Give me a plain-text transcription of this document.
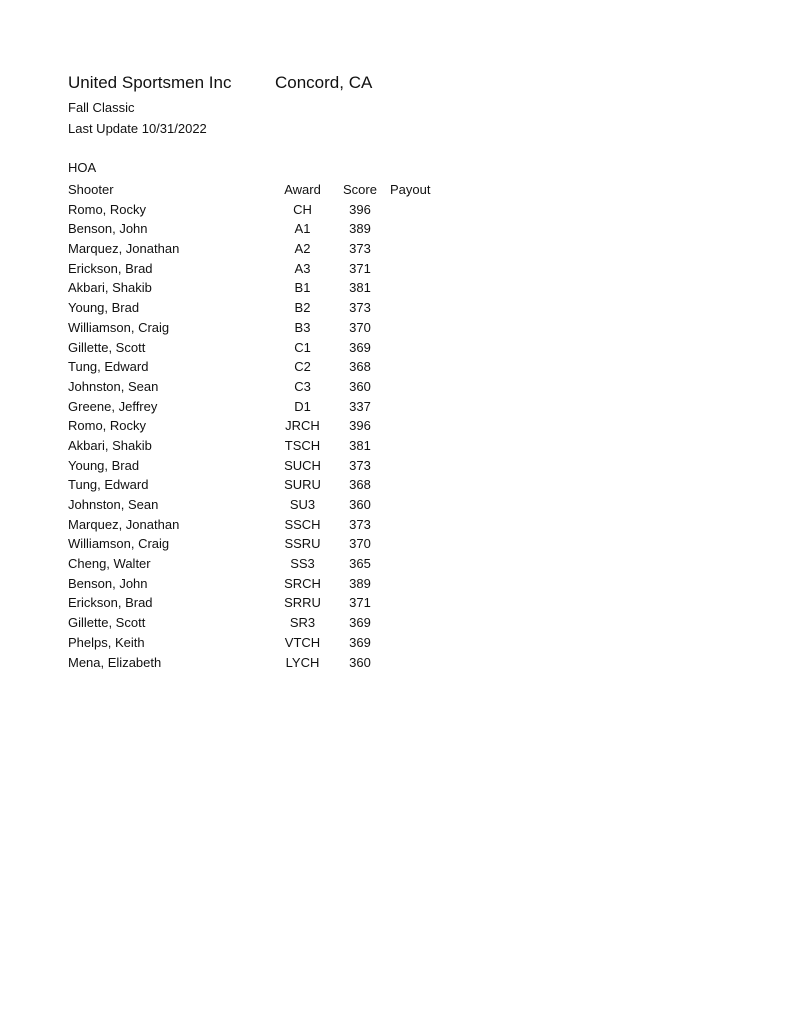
United Sportsmen Inc	Concord, CA
Fall Classic
Last Update 10/31/2022
HOA
Shooter	Award	Score Payout
Romo, Rocky	CH	396
Benson, John	A1	389
Marquez, Jonathan	A2	373
Erickson, Brad	A3	371
Akbari, Shakib	B1	381
Young, Brad	B2	373
Williamson, Craig	B3	370
Gillette, Scott	C1	369
Tung, Edward	C2	368
Johnston, Sean	C3	360
Greene, Jeffrey	D1	337
Romo, Rocky	JRCH	396
Akbari, Shakib	TSCH	381
Young, Brad	SUCH	373
Tung, Edward	SURU	368
Johnston, Sean	SU3	360
Marquez, Jonathan	SSCH	373
Williamson, Craig	SSRU	370
Cheng, Walter	SS3	365
Benson, John	SRCH	389
Erickson, Brad	SRRU	371
Gillette, Scott	SR3	369
Phelps, Keith	VTCH	369
Mena, Elizabeth	LYCH	360
